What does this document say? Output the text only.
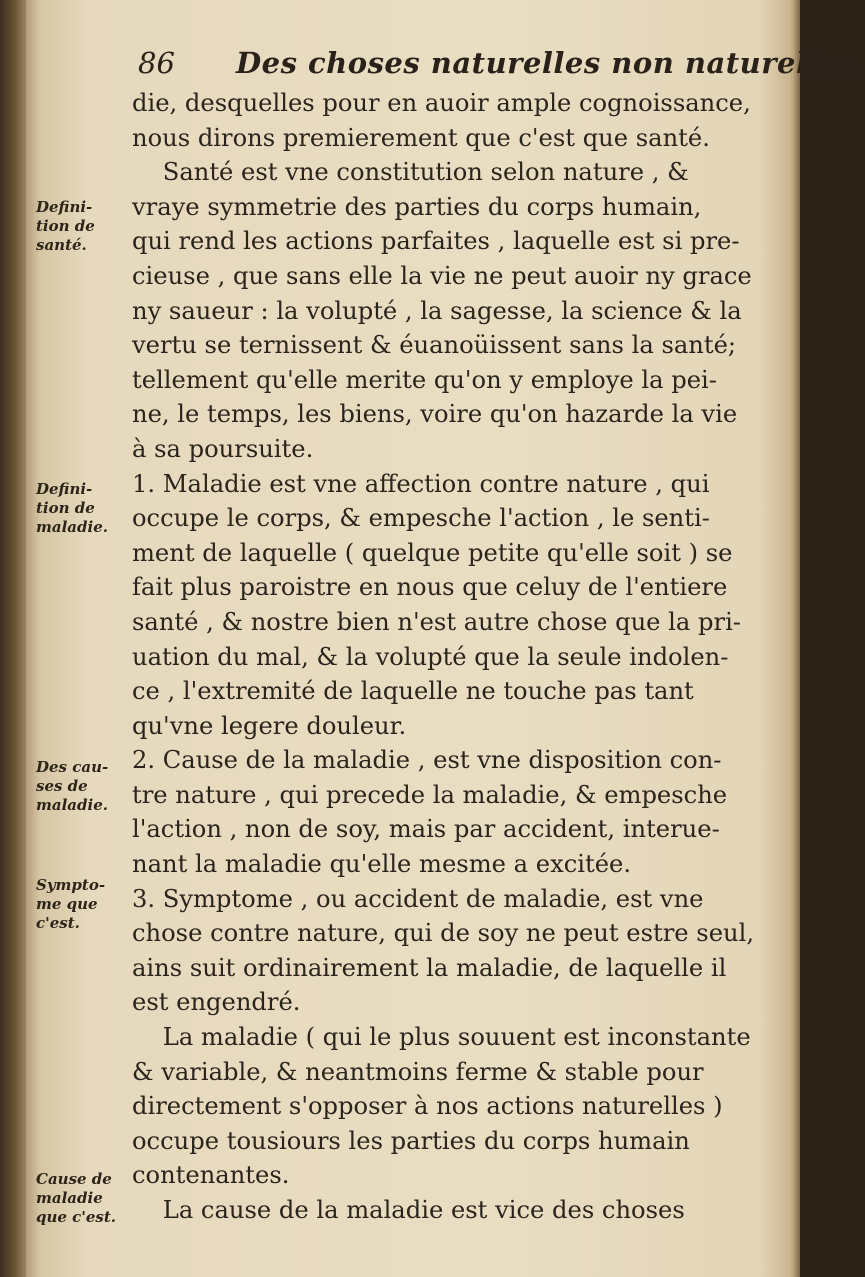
86 Des choses naturelles non naturelles,
die, desquelles pour en auoir ample cognoissance,
nous dirons premierement que c'est que santé.
Santé est vne constitution selon nature , &
vraye symmetrie des parties du corps humain,
qui rend les actions parfaites , laquelle est si pre-
cieuse , que sans elle la vie ne peut auoir ny grace
ny saueur : la volupté , la sagesse, la science & la
vertu se ternissent & éuanoüissent sans la santé;
tellement qu'elle merite qu'on y employe la pei-
ne, le temps, les biens, voire qu'on hazarde la vie
à sa poursuite.
1. Maladie est vne affection contre nature , qui
occupe le corps, & empesche l'action , le senti-
ment de laquelle ( quelque petite qu'elle soit ) se
fait plus paroistre en nous que celuy de l'entiere
santé , & nostre bien n'est autre chose que la pri-
uation du mal, & la volupté que la seule indolen-
ce , l'extremité de laquelle ne touche pas tant
qu'vne legere douleur.
2. Cause de la maladie , est vne disposition con-
tre nature , qui precede la maladie, & empesche
l'action , non de soy, mais par accident, interue-
nant la maladie qu'elle mesme a excitée.
3. Symptome , ou accident de maladie, est vne
chose contre nature, qui de soy ne peut estre seul,
ains suit ordinairement la maladie, de laquelle il
est engendré.
La maladie ( qui le plus souuent est inconstante
& variable, & neantmoins ferme & stable pour
directement s'opposer à nos actions naturelles )
occupe tousiours les parties du corps humain
contenantes.
La cause de la maladie est vice des choses
Defini-
tion de
santé.
Defini-
tion de
maladie.
Des cau-
ses de
maladie.
Sympto-
me que
c'est.
Cause de
maladie
que c'est.
